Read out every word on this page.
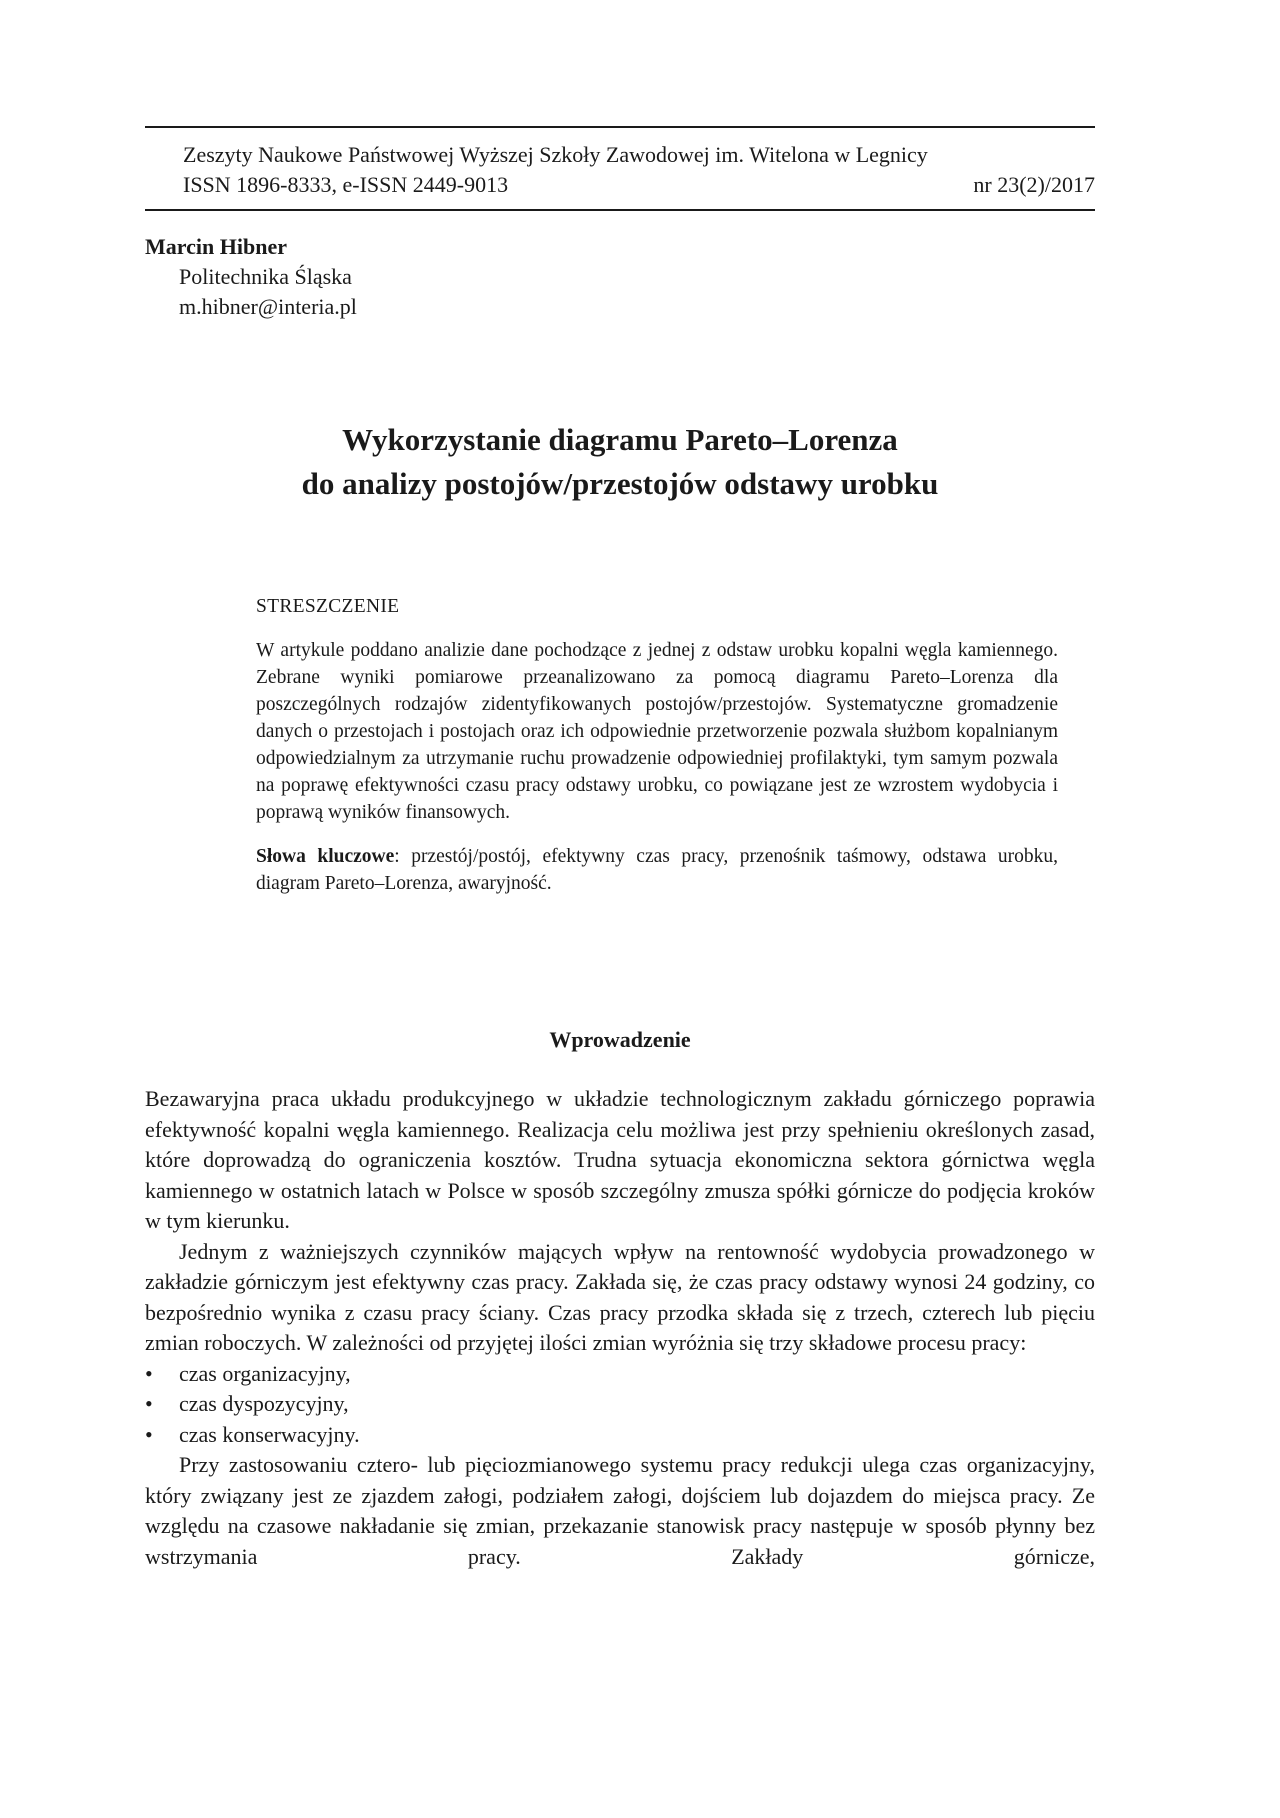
Zeszyty Naukowe Państwowej Wyższej Szkoły Zawodowej im. Witelona w Legnicy
ISSN 1896-8333, e-ISSN 2449-9013	nr 23(2)/2017
Marcin Hibner
Politechnika Śląska
m.hibner@interia.pl
Wykorzystanie diagramu Pareto–Lorenza
do analizy postojów/przestojów odstawy urobku
STRESZCZENIE
W artykule poddano analizie dane pochodzące z jednej z odstaw urobku kopalni węgla kamiennego. Zebrane wyniki pomiarowe przeanalizowano za pomocą diagramu Pareto–Lorenza dla poszczególnych rodzajów zidentyfikowanych postojów/przestojów. Systematyczne gromadzenie danych o przestojach i postojach oraz ich odpowiednie przetworzenie pozwala służbom kopalnianym odpowiedzialnym za utrzymanie ruchu prowadzenie odpowiedniej profilaktyki, tym samym pozwala na poprawę efektywności czasu pracy odstawy urobku, co powiązane jest ze wzrostem wydobycia i poprawą wyników finansowych.
Słowa kluczowe: przestój/postój, efektywny czas pracy, przenośnik taśmowy, odstawa urobku, diagram Pareto–Lorenza, awaryjność.
Wprowadzenie

Bezawaryjna praca układu produkcyjnego w układzie technologicznym zakładu górniczego poprawia efektywność kopalni węgla kamiennego. Realizacja celu możliwa jest przy spełnieniu określonych zasad, które doprowadzą do ograniczenia kosztów. Trudna sytuacja ekonomiczna sektora górnictwa węgla kamiennego w ostatnich latach w Polsce w sposób szczególny zmusza spółki górnicze do podjęcia kroków w tym kierunku.

Jednym z ważniejszych czynników mających wpływ na rentowność wydobycia prowadzonego w zakładzie górniczym jest efektywny czas pracy. Zakłada się, że czas pracy odstawy wynosi 24 godziny, co bezpośrednio wynika z czasu pracy ściany. Czas pracy przodka składa się z trzech, czterech lub pięciu zmian roboczych. W zależności od przyjętej ilości zmian wyróżnia się trzy składowe procesu pracy:

•	czas organizacyjny,
•	czas dyspozycyjny,
•	czas konserwacyjny.

Przy zastosowaniu cztero- lub pięciozmianowego systemu pracy redukcji ulega czas organizacyjny, który związany jest ze zjazdem załogi, podziałem załogi, dojściem lub dojazdem do miejsca pracy. Ze względu na czasowe nakładanie się zmian, przekazanie stanowisk pracy następuje w sposób płynny bez wstrzymania pracy. Zakłady górnicze,
